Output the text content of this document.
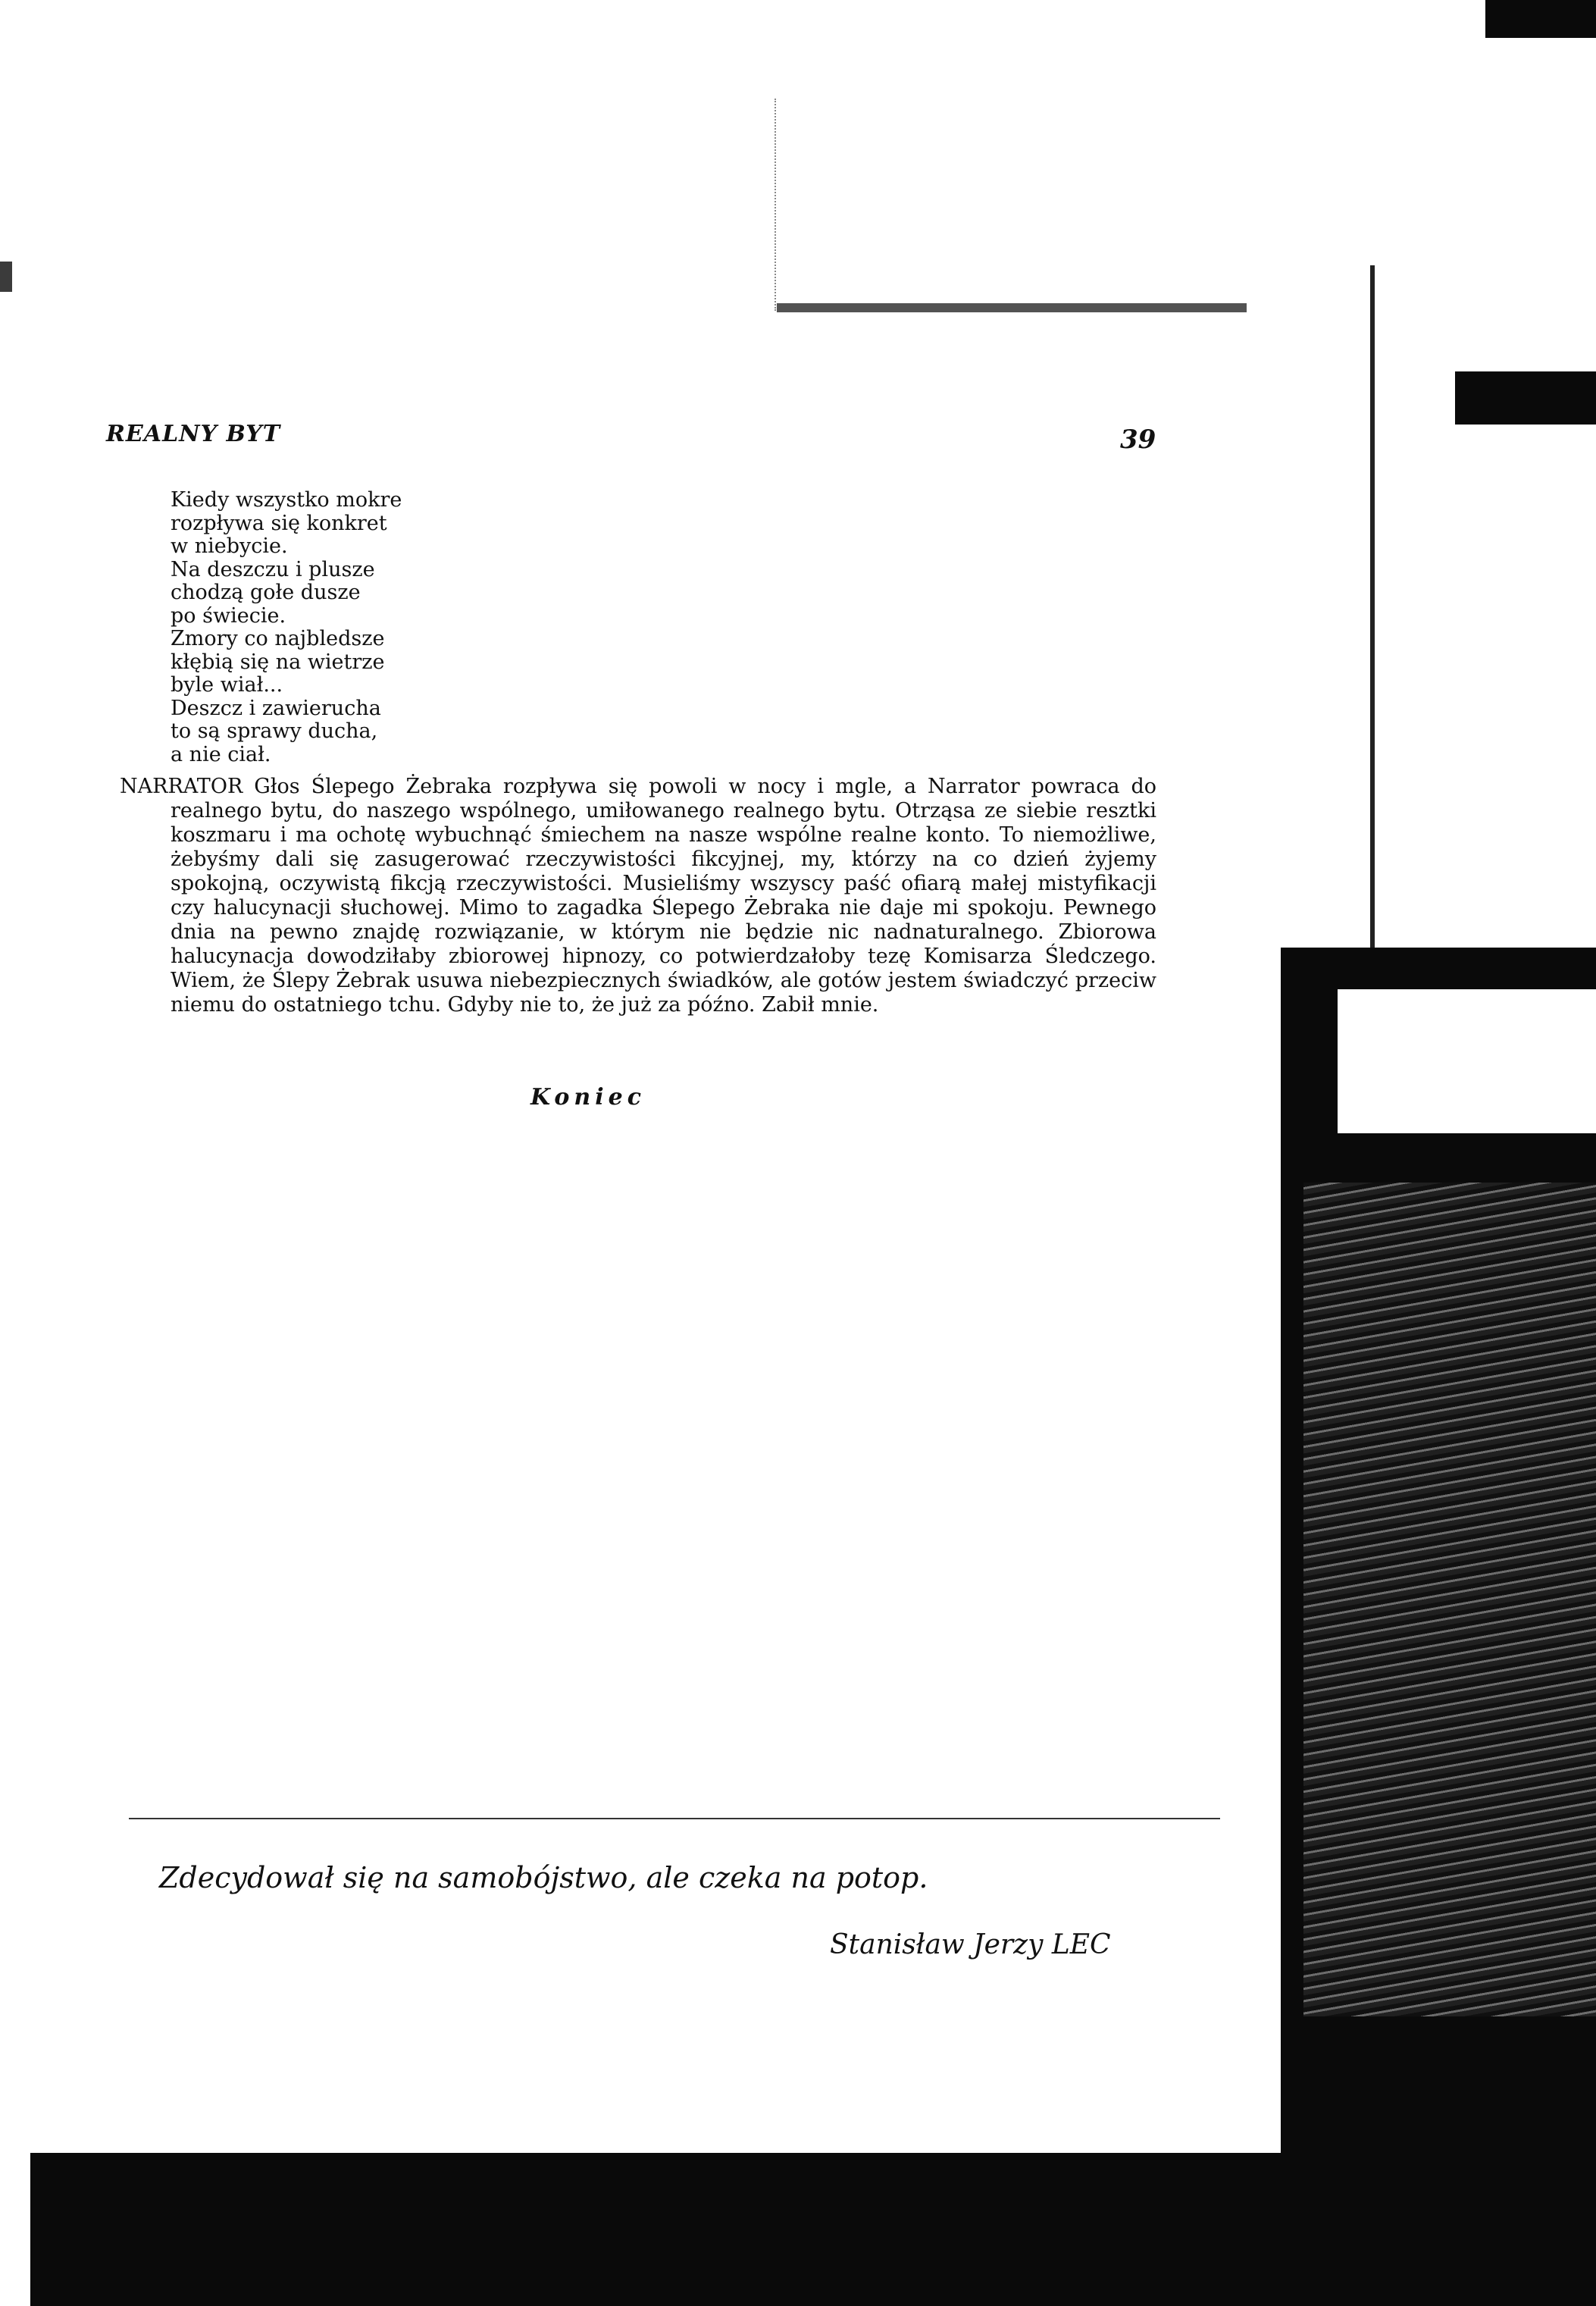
REALNY BYT	39
Kiedy wszystko mokre
rozpływa się konkret
w niebycie.
Na deszczu i plusze
chodzą gołe dusze
po świecie.
Zmory co najbledsze
kłębią się na wietrze
byle wiał...
Deszcz i zawierucha
to są sprawy ducha,
a nie ciał.
NARRATOR Głos Ślepego Żebraka rozpływa się powoli w nocy i mgle, a Narrator powraca do realnego bytu, do naszego wspólnego, umiłowanego realnego bytu. Otrząsa ze siebie resztki koszmaru i ma ochotę wybuchnąć śmiechem na nasze wspólne realne konto. To niemożliwe, żebyśmy dali się zasugerować rzeczywistości fikcyjnej, my, którzy na co dzień żyjemy spokojną, oczywistą fikcją rzeczywistości. Musieliśmy wszyscy paść ofiarą małej mistyfikacji czy halucynacji słuchowej. Mimo to zagadka Ślepego Żebraka nie daje mi spokoju. Pewnego dnia na pewno znajdę rozwiązanie, w którym nie będzie nic nadnaturalnego. Zbiorowa halucynacja dowodziłaby zbiorowej hipnozy, co potwierdzałoby tezę Komisarza Śledczego. Wiem, że Ślepy Żebrak usuwa niebezpiecznych świadków, ale gotów jestem świadczyć przeciw niemu do ostatniego tchu. Gdyby nie to, że już za późno. Zabił mnie.
Koniec
Zdecydował się na samobójstwo, ale czeka na potop.
Stanisław Jerzy LEC
